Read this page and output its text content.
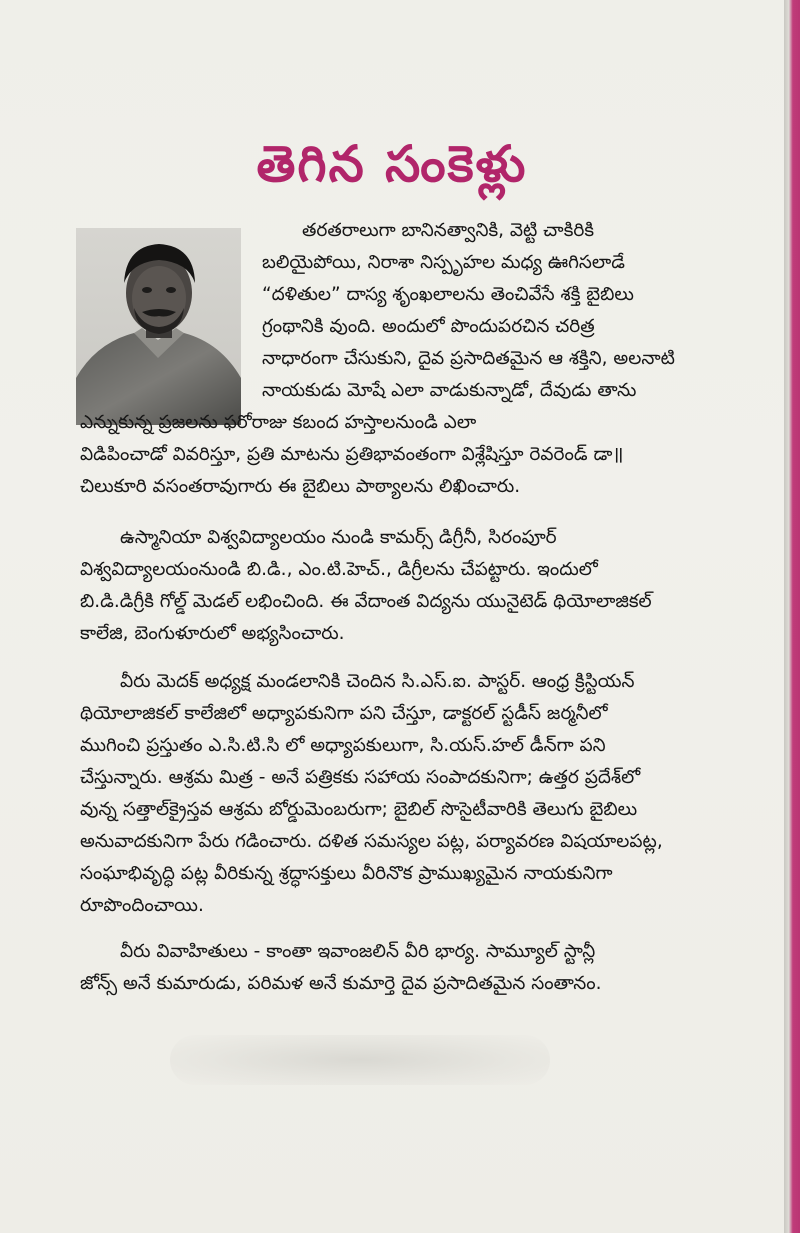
తెగిన సంకెళ్లు
తరతరాలుగా బానినత్వానికి, వెట్టి చాకిరికి
బలియైపోయి, నిరాశా నిస్పృహల మధ్య ఊగిసలాడే
“దళితుల” దాస్య శృంఖలాలను తెంచివేసే శక్తి బైబిలు
గ్రంథానికి వుంది. అందులో పొందుపరచిన చరిత్ర
నాధారంగా చేసుకుని, దైవ ప్రసాదితమైన ఆ శక్తిని, అలనాటి
నాయకుడు మోషే ఎలా వాడుకున్నాడో, దేవుడు తాను
ఎన్నుకున్న ప్రజలను ఫరోరాజు కబంద హస్తాలనుండి ఎలా
విడిపించాడో వివరిస్తూ, ప్రతి మాటను ప్రతిభావంతంగా విశ్లేషిస్తూ రెవరెండ్ డా॥
చిలుకూరి వసంతరావుగారు ఈ బైబిలు పాఠ్యాలను లిఖించారు.
ఉస్మానియా విశ్వవిద్యాలయం నుండి కామర్స్ డిగ్రీనీ, సిరంపూర్
విశ్వవిద్యాలయంనుండి బి.డి., ఎం.టి.హెచ్., డిగ్రీలను చేపట్టారు. ఇందులో
బి.డి.డిగ్రీకి గోల్డ్ మెడల్ లభించింది. ఈ వేదాంత విద్యను యునైటెడ్ థియోలాజికల్
కాలేజి, బెంగుళూరులో అభ్యసించారు.
వీరు మెదక్ అధ్యక్ష మండలానికి చెందిన సి.ఎస్.ఐ. పాస్టర్. ఆంధ్ర క్రిస్టియన్
థియోలాజికల్ కాలేజిలో అధ్యాపకునిగా పని చేస్తూ, డాక్టరల్ స్టడీస్ జర్మనీలో
ముగించి ప్రస్తుతం ఎ.సి.టి.సి లో అధ్యాపకులుగా, సి.యస్.హల్ డీన్‌గా పని
చేస్తున్నారు. ఆశ్రమ మిత్ర - అనే పత్రికకు సహాయ సంపాదకునిగా; ఉత్తర ప్రదేశ్‌లో
వున్న సత్తాల్‌క్రైస్తవ ఆశ్రమ బోర్డుమెంబరుగా; బైబిల్ సొసైటీవారికి తెలుగు బైబిలు
అనువాదకునిగా పేరు గడించారు. దళిత సమస్యల పట్ల, పర్యావరణ విషయాలపట్ల,
సంఘాభివృద్ధి పట్ల వీరికున్న శ్రద్ధాసక్తులు వీరినొక ప్రాముఖ్యమైన నాయకునిగా
రూపొందించాయి.
వీరు వివాహితులు - కాంతా ఇవాంజలిన్ వీరి భార్య. సామ్యూల్ స్టాన్లీ
జోన్స్ అనే కుమారుడు, పరిమళ అనే కుమార్తె దైవ ప్రసాదితమైన సంతానం.
